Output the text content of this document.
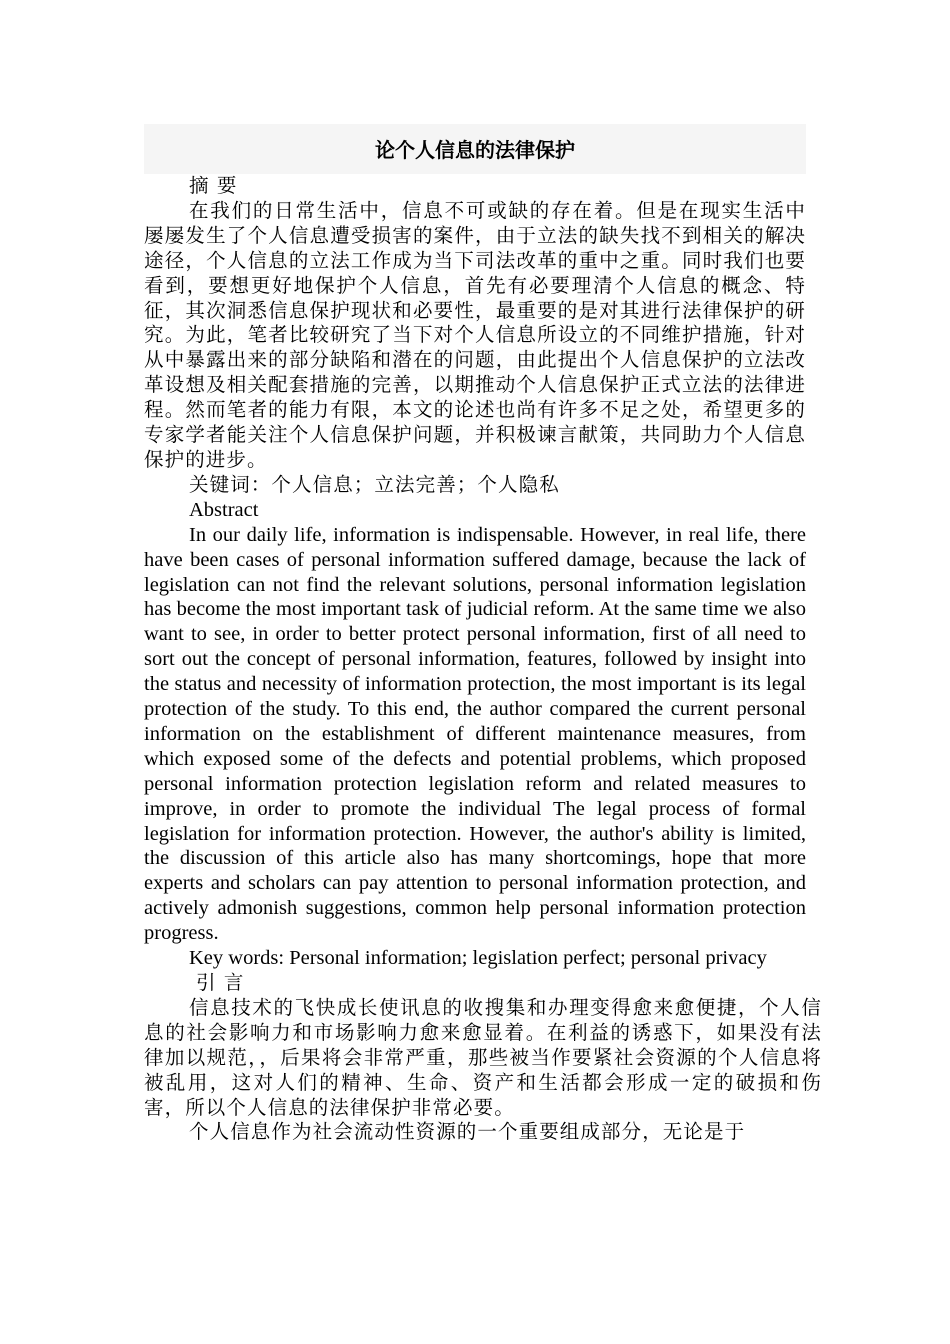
论个人信息的法律保护

摘 要

在我们的日常生活中，信息不可或缺的存在着。但是在现实生活中屡屡发生了个人信息遭受损害的案件，由于立法的缺失找不到相关的解决途径，个人信息的立法工作成为当下司法改革的重中之重。同时我们也要看到，要想更好地保护个人信息，首先有必要理清个人信息的概念、特征，其次洞悉信息保护现状和必要性，最重要的是对其进行法律保护的研究。为此，笔者比较研究了当下对个人信息所设立的不同维护措施，针对从中暴露出来的部分缺陷和潜在的问题，由此提出个人信息保护的立法改革设想及相关配套措施的完善，以期推动个人信息保护正式立法的法律进程。然而笔者的能力有限，本文的论述也尚有许多不足之处，希望更多的专家学者能关注个人信息保护问题，并积极谏言献策，共同助力个人信息保护的进步。

关键词：个人信息；立法完善；个人隐私

Abstract

In our daily life, information is indispensable. However, in real life, there have been cases of personal information suffered damage, because the lack of legislation can not find the relevant solutions, personal information legislation has become the most important task of judicial reform. At the same time we also want to see, in order to better protect personal information, first of all need to sort out the concept of personal information, features, followed by insight into the status and necessity of information protection, the most important is its legal protection of the study. To this end, the author compared the current personal information on the establishment of different maintenance measures, from which exposed some of the defects and potential problems, which proposed personal information protection legislation reform and related measures to improve, in order to promote the individual The legal process of formal legislation for information protection. However, the author's ability is limited, the discussion of this article also has many shortcomings, hope that more experts and scholars can pay attention to personal information protection, and actively admonish suggestions, common help personal information protection progress.

Key words: Personal information; legislation perfect; personal privacy

引 言

信息技术的飞快成长使讯息的收搜集和办理变得愈来愈便捷，个人信息的社会影响力和市场影响力愈来愈显着。在利益的诱惑下，如果没有法律加以规范，，后果将会非常严重，那些被当作要紧社会资源的个人信息将被乱用，这对人们的精神、生命、资产和生活都会形成一定的破损和伤害，所以个人信息的法律保护非常必要。

个人信息作为社会流动性资源的一个重要组成部分，无论是于
